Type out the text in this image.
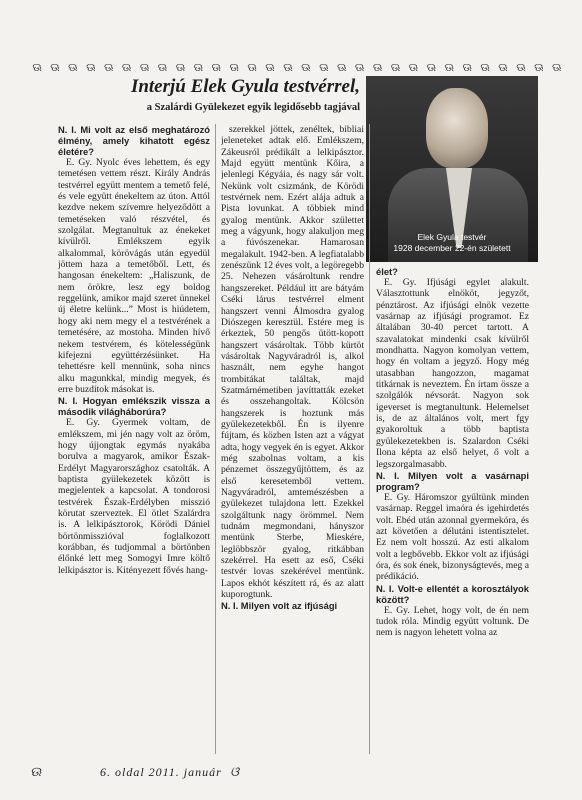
ଊ ଊ ଊ ଊ ଊ ଊ ଊ ଊ ଊ ଊ ଊ ଊ ଊ ଊ ଊ ଊ ଊ ଊ ଊ ଊ ଊ ଊ ଊ ଊ ଊ ଊ ଊ ଊ ଊ ଊ
Interjú Elek Gyula testvérrel,
a Szalárdi Gyülekezet egyik legidősebb tagjával
Elek Gyula testvér
1928 december 22-én született

N. I. Mi volt az első meghatározó élmény, amely kihatott egész életére?

E. Gy. Nyolc éves lehettem, és egy temetésen vettem részt. Király András testvérrel együtt mentem a temető felé, és vele együtt énekeltem az úton. Attól kezdve nekem szívemre helyeződött a temetéseken való részvétel, és szolgálat. Megtanultuk az énekeket kívülről. Emlékszem egyik alkalommal, körövágás után egyedül jöttem haza a temetőből. Lett, és hangosan énekeltem: „Haliszunk, de nem örökre, lesz egy boldog reggelünk, amikor majd szeret ünnekel új életre kelünk...” Most is hiúdetem, hogy aki nem megy el a testvérének a temetésére, az mostoha. Minden hívő nekem testvérem, és kötelességünk kifejezni együttérzésünket. Ha tehettésre kell mennünk, soha nincs alku magunkkal, mindig megyek, és erre buzdítok másokat is.

N. I. Hogyan emlékszik vissza a második világháborúra?

E. Gy. Gyermek voltam, de emlékszem, mi jén nagy volt az öröm, hogy újjongtak egymás nyakába borulva a magyarok, amikor Észak-Erdélyt Magyarországhoz csatolták. A baptista gyülekezetek között is megjelentek a kapcsolat. A tondorosi testvérek Észak-Erdélyben misszió körutat szerveztek. El ötlet Szalárdra is. A lelkipásztorok, Körödi Dániel börtönmisszióval foglalkozott korábban, és tudjommal a börtönben élőnké lett meg Somogyi Imre költő lelkipásztor is. Kitényezett fővés hang-

szerekkel jöttek, zenéltek, bibliai jeleneteket adtak elő. Emlékszem, Zákeusról prédikált a lelkipásztor. Majd együtt mentünk Kőira, a jelenlegi Kégyáia, és nagy sár volt. Nekünk volt csizmánk, de Körödi testvérnek nem. Ezért alája adtuk a Pista lovunkat. A többiek mind gyalog mentünk. Akkor születtet meg a vágyunk, hogy alakuljon meg a fúvószenekar. Hamarosan megalakult. 1942-ben. A legfiatalabb zenészünk 12 éves volt, a legöregebb 25. Nehezen vásároltunk rendre hangszereket. Például itt are bátyám Cséki lárus testvérrel elment hangszert venni Álmosdra gyalog Diószegen keresztül. Estére meg is érkeztek, 50 pengős ütött-kopott hangszert vásároltak. Több kürtöt vásároltak Nagyváradról is, alkol használt, nem egyhe hangot trombitákat találtak, majd Szatmárnémetiben javíttatták ezeket és osszehangoltak. Kölcsön hangszerek is hoztunk más gyülekezetekből. Én is ilyenre fújtam, és közben Isten azt a vágyat adta, hogy vegyek én is egyet. Akkor még szabolnas voltam, a kis pénzemet összegyűjtöttem, és az első keresetemből vettem. Nagyváradról, amtemészésben a gyülekezet tulajdona lett. Ezekkel szolgáltunk nagy örömmel. Nem tudnám megmondani, hányszor mentünk Sterbe, Mieskére, leglöbbször gyalog, ritkábban szekérrel. Ha esett az eső, Cséki testvér lovas szekérével mentünk. Lapos ekhót készített rá, és az alatt kuporogtunk.

N. I. Milyen volt az ifjúsági

élet?

E. Gy. Ifjúsági egylet alakult. Választottunk elnököt, jegyzőt, pénztárost. Az ifjúsági elnök vezette vasárnap az ifjúsági programot. Ez általában 30-40 percet tartott. A szavalatokat mindenki csak kívülről mondhatta. Nagyon komolyan vettem, hogy én voltam a jegyző. Hogy még utasabban hangozzon, magamat titkárnak is neveztem. Én írtam össze a szolgálók névsorát. Nagyon sok igeverset is megtanultunk. Helemelset is, de az általános volt, mert fgy gyakoroltuk a több baptista gyülekezetekben is. Szalardon Cséki Ilona képta az első helyet, ő volt a legszorgalmasabb.

N. I. Milyen volt a vasárnapi program?

E. Gy. Háromszor gyűltünk minden vasárnap. Reggel imaóra és igehirdetés volt. Ebéd után azonnal gyermekóra, és azt követően a délutáni istentisztelet. Ez nem volt hosszú. Az esti alkalom volt a legbővebb. Ekkor volt az ifjúsági óra, és sok ének, bizonyságtevés, meg a prédikáció.

N. I. Volt-e ellentét a korosztályok között?

E. Gy. Lehet, hogy volt, de én nem tudok róla. Mindig együtt voltunk. De nem is nagyon lehetett volna az

ଊ	6. oldal 2011. január ଓ
